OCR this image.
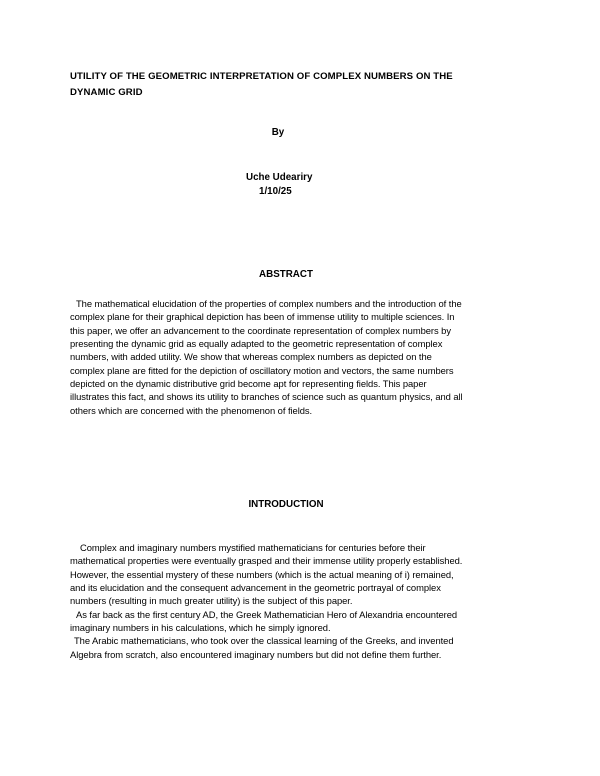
UTILITY OF THE GEOMETRIC INTERPRETATION OF COMPLEX NUMBERS ON THE
DYNAMIC GRID
By
Uche Udeariry
1/10/25
ABSTRACT
The mathematical elucidation of the properties of complex numbers and the introduction of the
complex plane for their graphical depiction has been of immense utility to multiple sciences. In
this paper, we offer an advancement to the coordinate representation of complex numbers by
presenting the dynamic grid as equally adapted to the geometric representation of complex
numbers, with added utility. We show that whereas complex numbers as depicted on the
complex plane are fitted for the depiction of oscillatory motion and vectors, the same numbers
depicted on the dynamic distributive grid become apt for representing fields. This paper
illustrates this fact, and shows its utility to branches of science such as quantum physics, and all
others which are concerned with the phenomenon of fields.
INTRODUCTION
Complex and imaginary numbers mystified mathematicians for centuries before their
mathematical properties were eventually grasped and their immense utility properly established.
However, the essential mystery of these numbers (which is the actual meaning of i) remained,
and its elucidation and the consequent advancement in the geometric portrayal of complex
numbers (resulting in much greater utility) is the subject of this paper.
As far back as the first century AD, the Greek Mathematician Hero of Alexandria encountered
imaginary numbers in his calculations, which he simply ignored.
The Arabic mathematicians, who took over the classical learning of the Greeks, and invented
Algebra from scratch, also encountered imaginary numbers but did not define them further.
